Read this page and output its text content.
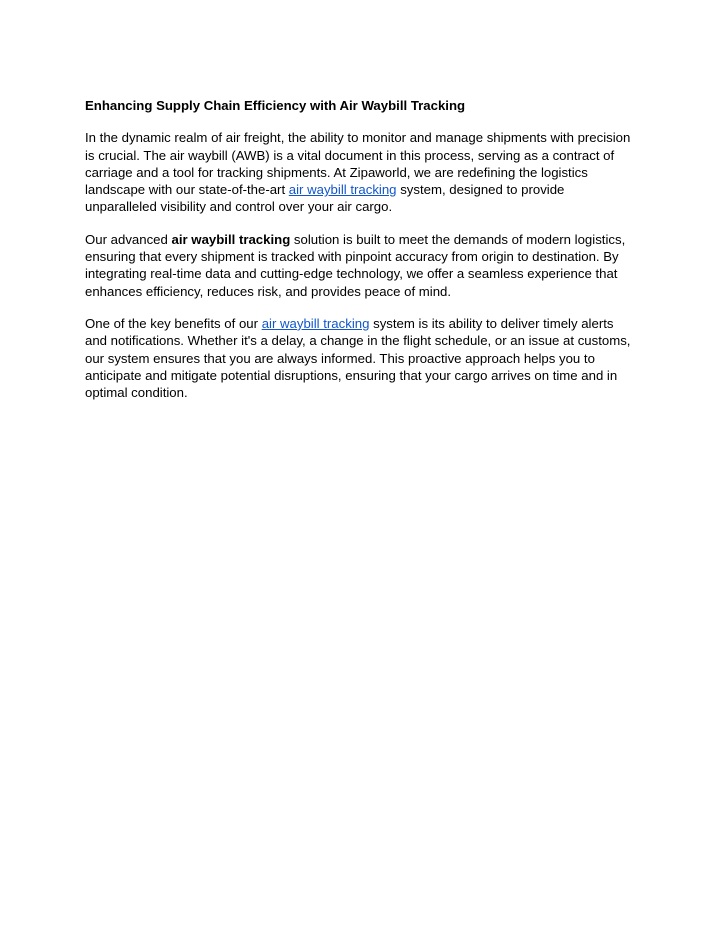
Enhancing Supply Chain Efficiency with Air Waybill Tracking

In the dynamic realm of air freight, the ability to monitor and manage shipments with precision is crucial. The air waybill (AWB) is a vital document in this process, serving as a contract of carriage and a tool for tracking shipments. At Zipaworld, we are redefining the logistics landscape with our state-of-the-art air waybill tracking system, designed to provide unparalleled visibility and control over your air cargo.

Our advanced air waybill tracking solution is built to meet the demands of modern logistics, ensuring that every shipment is tracked with pinpoint accuracy from origin to destination. By integrating real-time data and cutting-edge technology, we offer a seamless experience that enhances efficiency, reduces risk, and provides peace of mind.

One of the key benefits of our air waybill tracking system is its ability to deliver timely alerts and notifications. Whether it's a delay, a change in the flight schedule, or an issue at customs, our system ensures that you are always informed. This proactive approach helps you to anticipate and mitigate potential disruptions, ensuring that your cargo arrives on time and in optimal condition.
